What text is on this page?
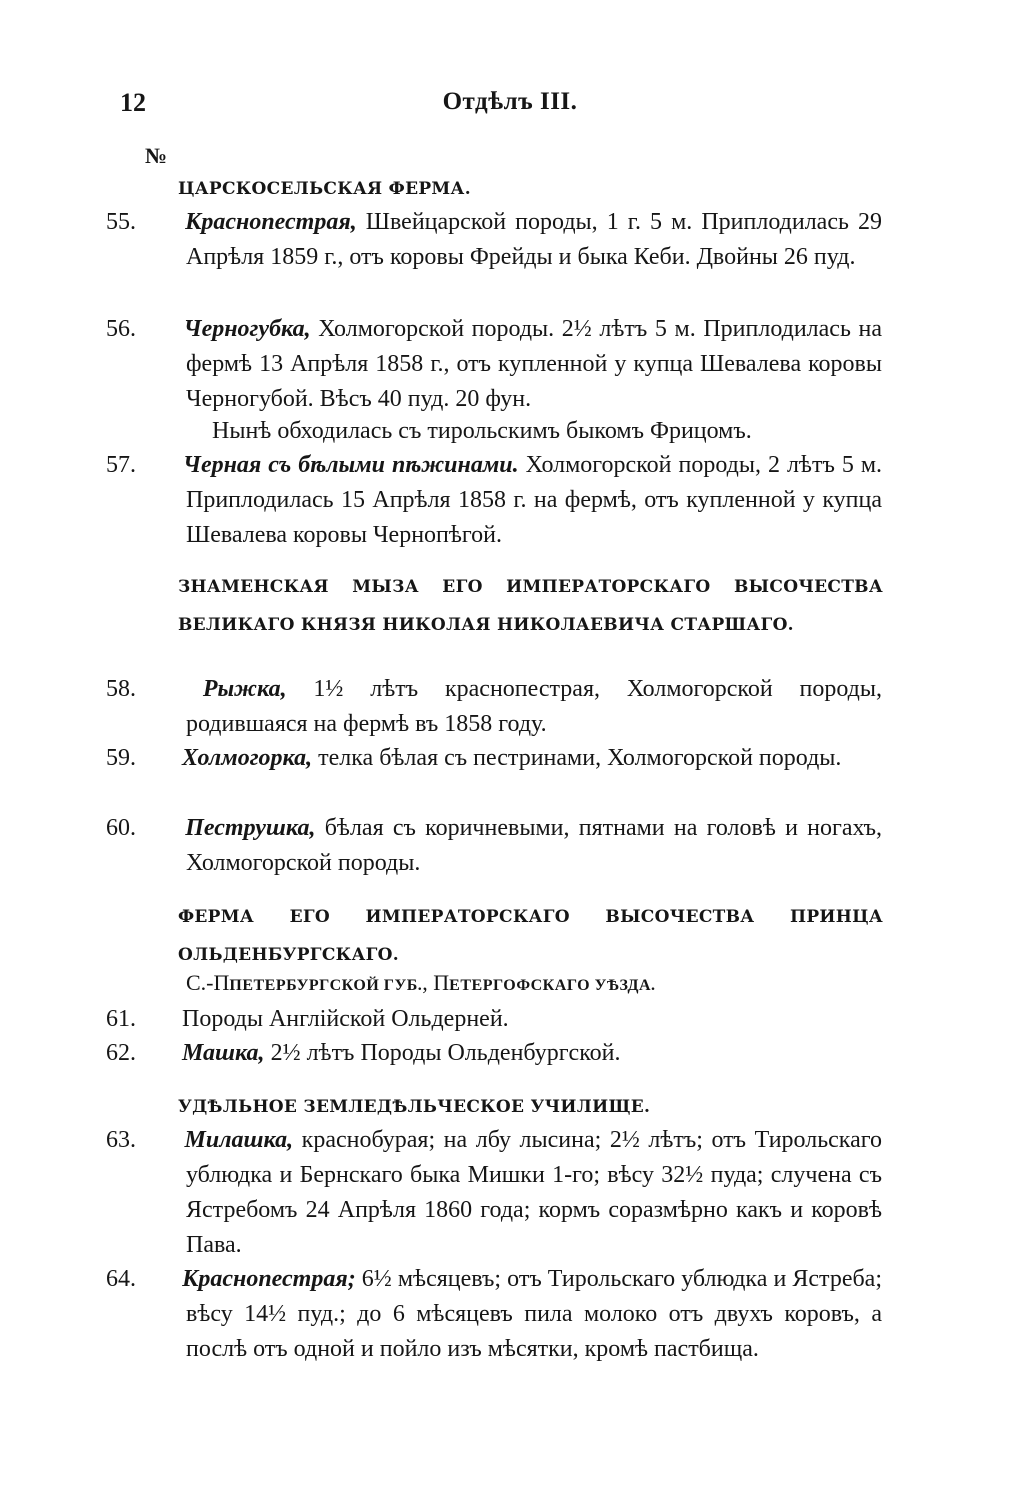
12	Отдѣлъ III.
№
ЦАРСКОСЕЛЬСКАЯ ФЕРМА.
55. Краснопестрая, Швейцарской породы, 1 г. 5 м. Приплодилась 29 Апрѣля 1859 г., отъ коровы Фрейды и быка Кеби. Двойны 26 пуд.
56. Черногубка, Холмогорской породы. 2½ лѣтъ 5 м. Приплодилась на фермѣ 13 Апрѣля 1858 г., отъ купленной у купца Шевалева коровы Черногубой. Вѣсъ 40 пуд. 20 фун.
Нынѣ обходилась съ тирольскимъ быкомъ Фрицомъ.
57. Черная съ бѣлыми пѣжинами. Холмогорской породы, 2 лѣтъ 5 м. Приплодилась 15 Апрѣля 1858 г. на фермѣ, отъ купленной у купца Шевалева коровы Чернопѣгой.
ЗНАМЕНСКАЯ МЫЗА ЕГО ИМПЕРАТОРСКАГО ВЫСОЧЕСТВА ВЕЛИКАГО КНЯЗЯ НИКОЛАЯ НИКОЛАЕВИЧА СТАРШАГО.
58.	Рыжка, 1½ лѣтъ краснопестрая, Холмогорской породы, родившаяся на фермѣ въ 1858 году.
59. Холмогорка, телка бѣлая съ пестринами, Холмогорской породы.
60. Пеструшка, бѣлая съ коричневыми, пятнами на головѣ и ногахъ, Холмогорской породы.
ФЕРМА ЕГО ИМПЕРАТОРСКАГО ВЫСОЧЕСТВА ПРИНЦА ОЛЬДЕНБУРГСКАГО.
С.-ППЕТЕРБУРГСКОЙ ГУБ., ПЕТЕРГОФСКАГО УѢЗДА.
61. Породы Англійской Ольдерней.
62. Машка, 2½ лѣтъ Породы Ольденбургской.
УДѢЛЬНОЕ ЗЕМЛЕДѢЛЬЧЕСКОЕ УЧИЛИЩЕ.
63. Милашка, краснобурая; на лбу лысина; 2½ лѣтъ; отъ Тирольскаго ублюдка и Бернскаго быка Мишки 1-го; вѣсу 32½ пуда; случена съ Ястребомъ 24 Апрѣля 1860 года; кормъ соразмѣрно какъ и коровѣ Пава.
64. Краснопестрая; 6½ мѣсяцевъ; отъ Тирольскаго ублюдка и Ястреба; вѣсу 14½ пуд.; до 6 мѣсяцевъ пила молоко отъ двухъ коровъ, а послѣ отъ одной и пойло изъ мѣсятки, кромѣ пастбища.
